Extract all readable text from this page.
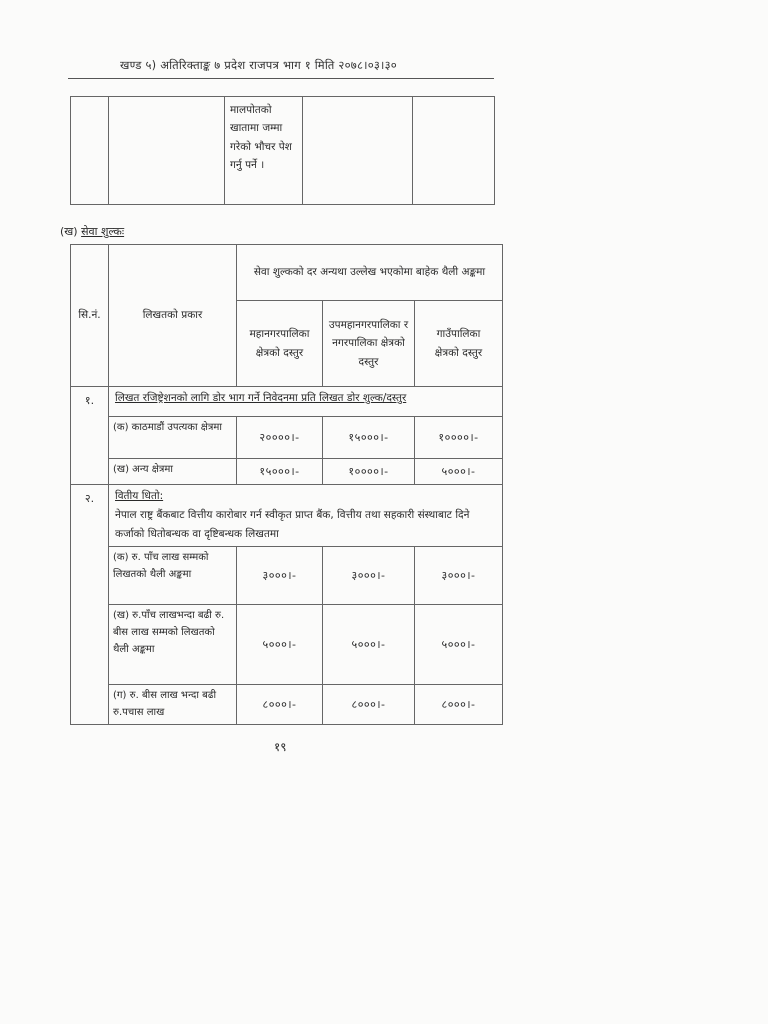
खण्ड ५) अतिरिक्ताङ्क ७ प्रदेश राजपत्र भाग १ मिति २०७८।०३।३०
		मालपोतको खातामा जम्मा गरेको भौचर पेश गर्नु पर्ने ।		
(ख) सेवा शुल्कः
सि.नं.	लिखतको प्रकार	सेवा शुल्कको दर अन्यथा उल्लेख भएकोमा बाहेक थैली अङ्कमा		
		महानगरपालिका क्षेत्रको दस्तुर	उपमहानगरपालिका र नगरपालिका क्षेत्रको दस्तुर	गाउँपालिका क्षेत्रको दस्तुर
१.	लिखत रजिष्ट्रेशनको लागि डोर भाग गर्ने निवेदनमा प्रति लिखत डोर शुल्क/दस्तुर			
	(क) काठमाडौं उपत्यका क्षेत्रमा	२००००।-	१५०००।-	१००००।-
	(ख) अन्य क्षेत्रमा	१५०००।-	१००००।-	५०००।-
२.	वितीय धितो:
नेपाल राष्ट्र बैंकबाट वित्तीय कारोबार गर्न स्वीकृत प्राप्त बैंक, वित्तीय तथा सहकारी संस्थाबाट दिने कर्जाको धितोबन्धक वा दृष्टिबन्धक लिखतमा			

	(क) रु. पाँच लाख सम्मको लिखतको थैली अङ्कमा	३०००।-	३०००।-	३०००।-
	(ख) रु.पाँच लाखभन्दा बढी रु. बीस लाख सम्मको लिखतको थैली अङ्कमा	५०००।-	५०००।-	५०००।-
	(ग) रु. बीस लाख भन्दा बढी रु.पचास लाख	८०००।-	८०००।-	८०००।-
१९
